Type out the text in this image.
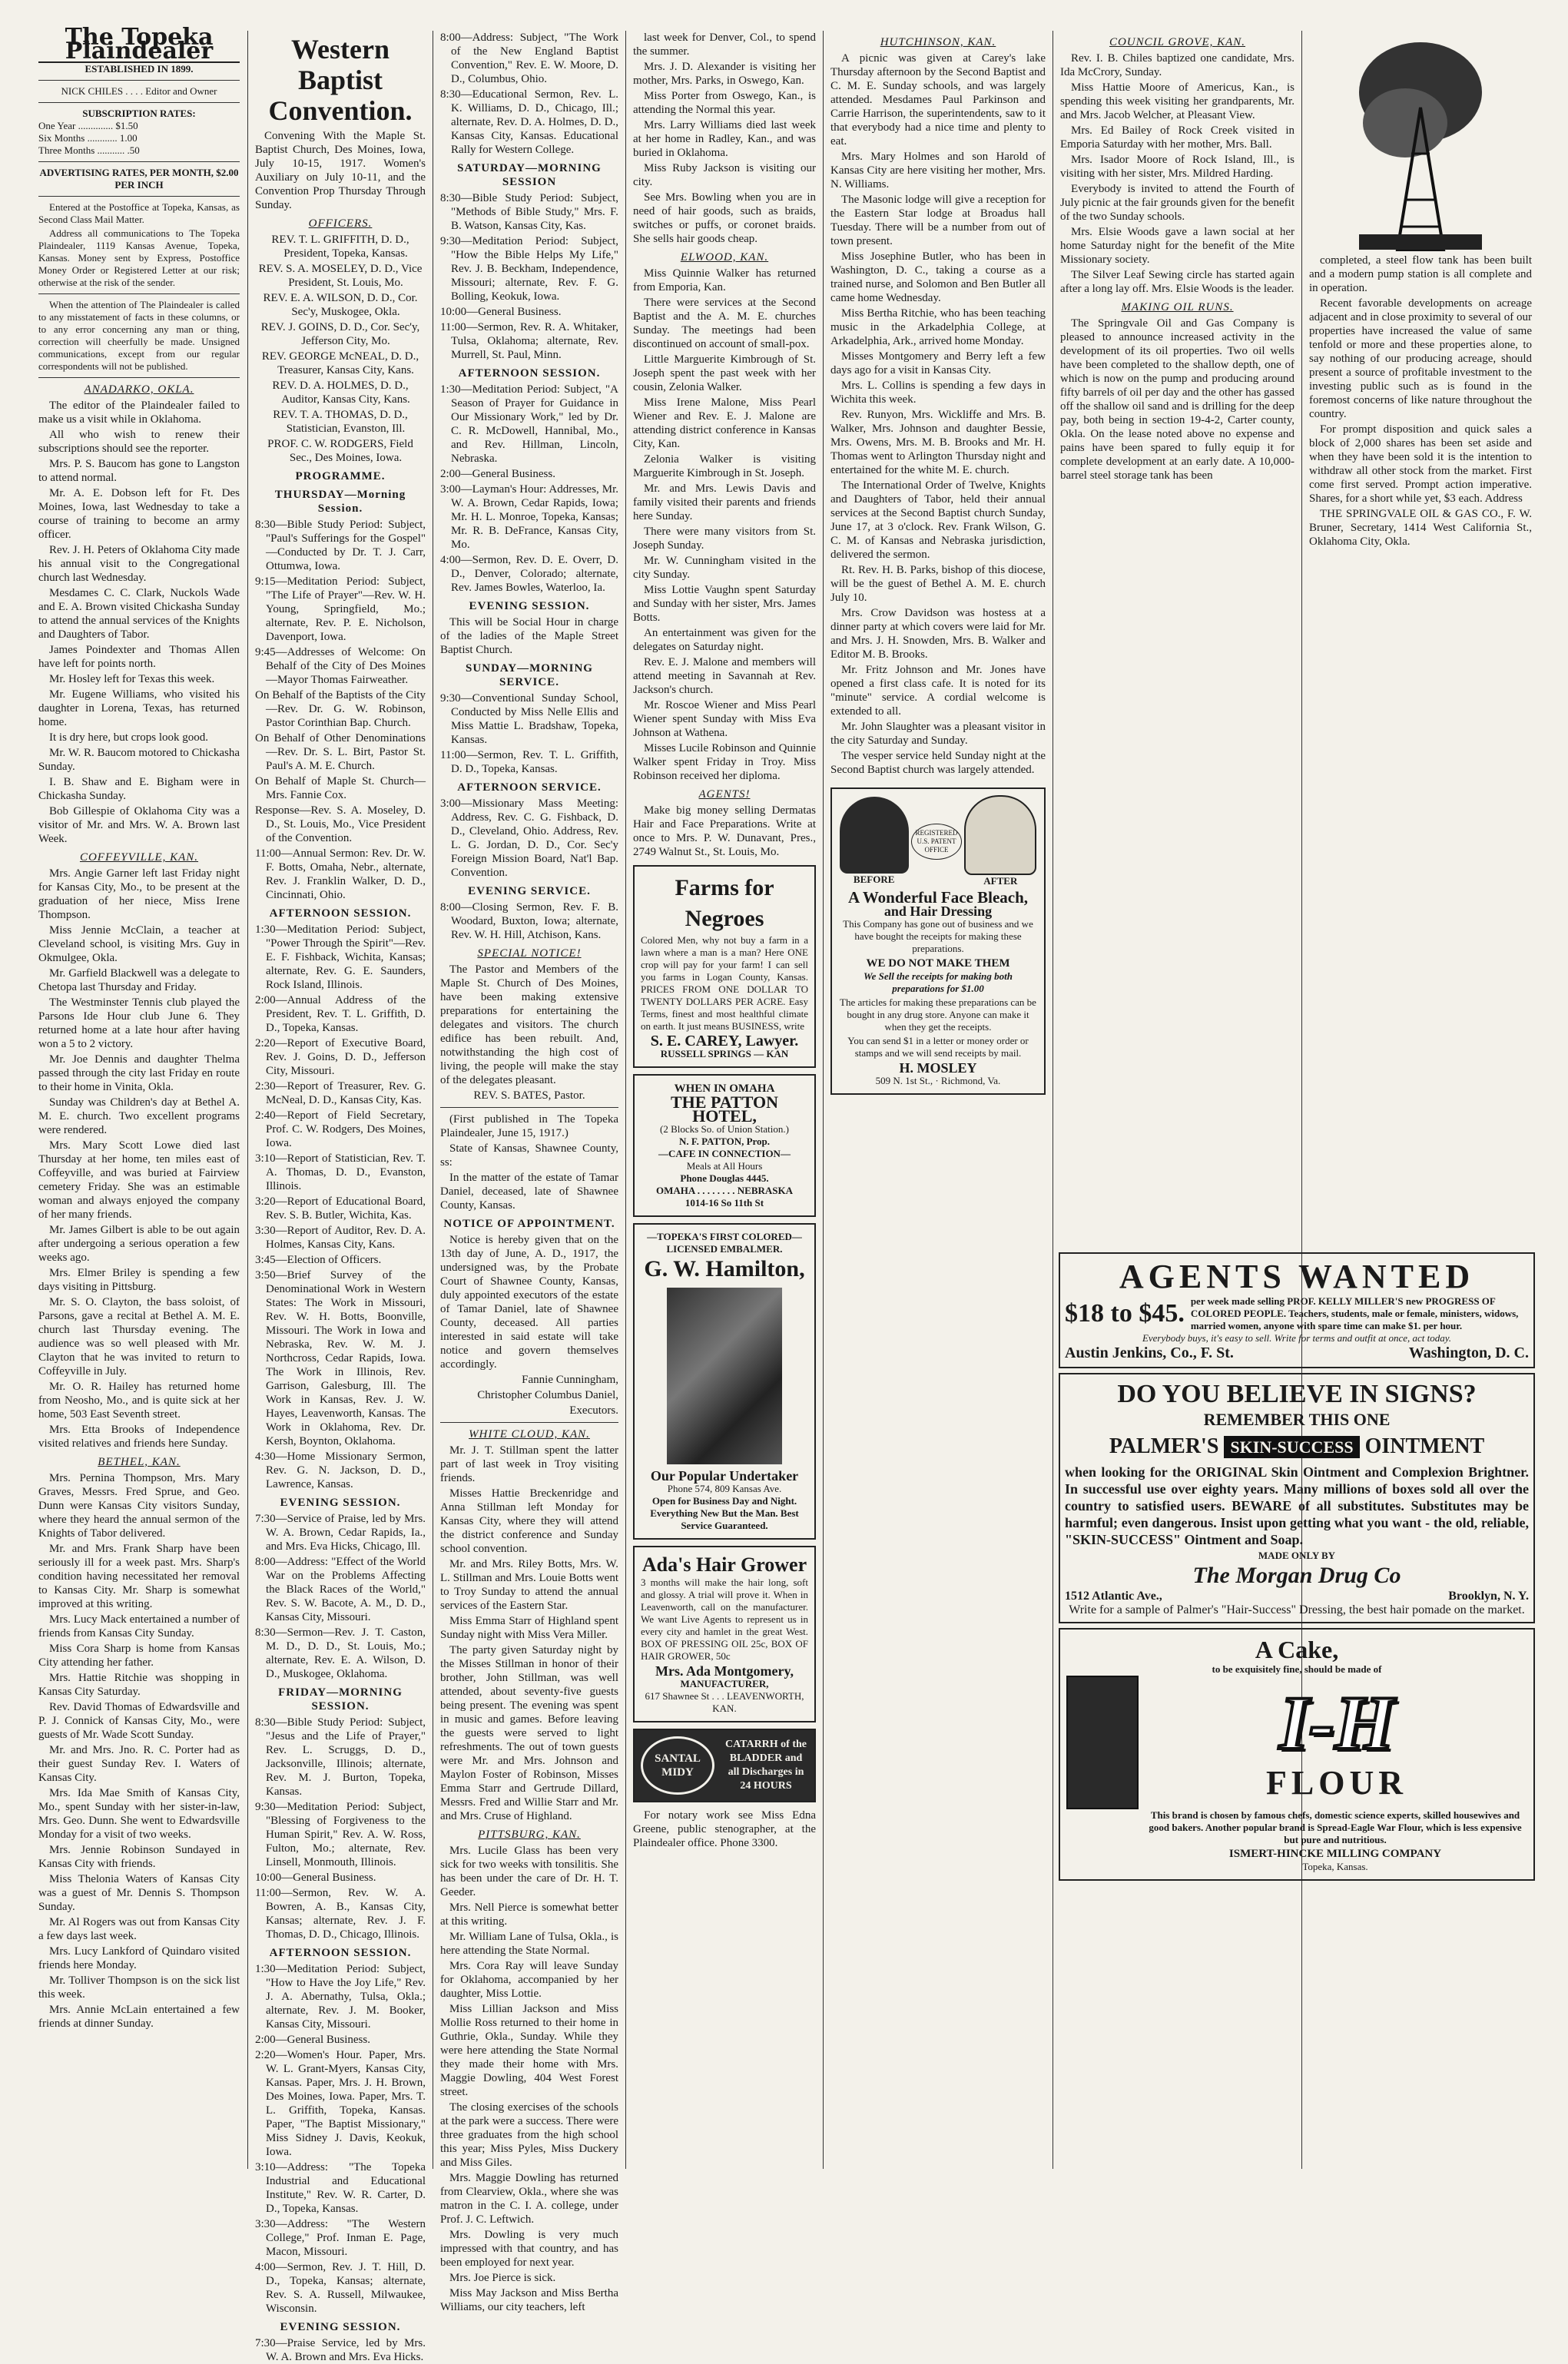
The Topeka Plaindealer
ESTABLISHED IN 1899.
NICK CHILES . . . . Editor and Owner
SUBSCRIPTION RATES:
One Year .............. $1.50
Six Months ............ 1.00
Three Months ........... .50
ADVERTISING RATES, PER MONTH, $2.00 PER INCH

Entered at the Postoffice at Topeka, Kansas, as Second Class Mail Matter.

Address all communications to The Topeka Plaindealer, 1119 Kansas Avenue, Topeka, Kansas. Money sent by Express, Postoffice Money Order or Registered Letter at our risk; otherwise at the risk of the sender.

When the attention of The Plaindealer is called to any misstatement of facts in these columns, or to any error concerning any man or thing, correction will cheerfully be made. Unsigned communications, except from our regular correspondents will not be published.

ANADARKO, OKLA.

The editor of the Plaindealer failed to make us a visit while in Oklahoma.

All who wish to renew their subscriptions should see the reporter.

Mrs. P. S. Baucom has gone to Langston to attend normal.

Mr. A. E. Dobson left for Ft. Des Moines, Iowa, last Wednesday to take a course of training to become an army officer.

Rev. J. H. Peters of Oklahoma City made his annual visit to the Congregational church last Wednesday.

Mesdames C. C. Clark, Nuckols Wade and E. A. Brown visited Chickasha Sunday to attend the annual services of the Knights and Daughters of Tabor.

James Poindexter and Thomas Allen have left for points north.

Mr. Hosley left for Texas this week.

Mr. Eugene Williams, who visited his daughter in Lorena, Texas, has returned home.

It is dry here, but crops look good.

Mr. W. R. Baucom motored to Chickasha Sunday.

I. B. Shaw and E. Bigham were in Chickasha Sunday.

Bob Gillespie of Oklahoma City was a visitor of Mr. and Mrs. W. A. Brown last Week.

COFFEYVILLE, KAN.

Mrs. Angie Garner left last Friday night for Kansas City, Mo., to be present at the graduation of her niece, Miss Irene Thompson.

Miss Jennie McClain, a teacher at Cleveland school, is visiting Mrs. Guy in Okmulgee, Okla.

Mr. Garfield Blackwell was a delegate to Chetopa last Thursday and Friday.

The Westminster Tennis club played the Parsons Ide Hour club June 6. They returned home at a late hour after having won a 5 to 2 victory.

Mr. Joe Dennis and daughter Thelma passed through the city last Friday en route to their home in Vinita, Okla.

Sunday was Children's day at Bethel A. M. E. church. Two excellent programs were rendered.

Mrs. Mary Scott Lowe died last Thursday at her home, ten miles east of Coffeyville, and was buried at Fairview cemetery Friday. She was an estimable woman and always enjoyed the company of her many friends.

Mr. James Gilbert is able to be out again after undergoing a serious operation a few weeks ago.

Mrs. Elmer Briley is spending a few days visiting in Pittsburg.

Mr. S. O. Clayton, the bass soloist, of Parsons, gave a recital at Bethel A. M. E. church last Thursday evening. The audience was so well pleased with Mr. Clayton that he was invited to return to Coffeyville in July.

Mr. O. R. Hailey has returned home from Neosho, Mo., and is quite sick at her home, 503 East Seventh street.

Mrs. Etta Brooks of Independence visited relatives and friends here Sunday.

BETHEL, KAN.

Mrs. Pernina Thompson, Mrs. Mary Graves, Messrs. Fred Sprue, and Geo. Dunn were Kansas City visitors Sunday, where they heard the annual sermon of the Knights of Tabor delivered.

Mr. and Mrs. Frank Sharp have been seriously ill for a week past. Mrs. Sharp's condition having necessitated her removal to Kansas City. Mr. Sharp is somewhat improved at this writing.

Mrs. Lucy Mack entertained a number of friends from Kansas City Sunday.

Miss Cora Sharp is home from Kansas City attending her father.

Mrs. Hattie Ritchie was shopping in Kansas City Saturday.

Rev. David Thomas of Edwardsville and P. J. Connick of Kansas City, Mo., were guests of Mr. Wade Scott Sunday.

Mr. and Mrs. Jno. R. C. Porter had as their guest Sunday Rev. I. Waters of Kansas City.

Mrs. Ida Mae Smith of Kansas City, Mo., spent Sunday with her sister-in-law, Mrs. Geo. Dunn. She went to Edwardsville Monday for a visit of two weeks.

Mrs. Jennie Robinson Sundayed in Kansas City with friends.

Miss Thelonia Waters of Kansas City was a guest of Mr. Dennis S. Thompson Sunday.

Mr. Al Rogers was out from Kansas City a few days last week.

Mrs. Lucy Lankford of Quindaro visited friends here Monday.

Mr. Tolliver Thompson is on the sick list this week.

Mrs. Annie McLain entertained a few friends at dinner Sunday.

Western Baptist Convention.

Convening With the Maple St. Baptist Church, Des Moines, Iowa, July 10-15, 1917. Women's Auxiliary on July 10-11, and the Convention Prop Thursday Through Sunday.

OFFICERS.

REV. T. L. GRIFFITH, D. D., President, Topeka, Kansas.

REV. S. A. MOSELEY, D. D., Vice President, St. Louis, Mo.

REV. E. A. WILSON, D. D., Cor. Sec'y, Muskogee, Okla.

REV. J. GOINS, D. D., Cor. Sec'y, Jefferson City, Mo.

REV. GEORGE McNEAL, D. D., Treasurer, Kansas City, Kans.

REV. D. A. HOLMES, D. D., Auditor, Kansas City, Kans.

REV. T. A. THOMAS, D. D., Statistician, Evanston, Ill.

PROF. C. W. RODGERS, Field Sec., Des Moines, Iowa.

PROGRAMME.
THURSDAY—Morning Session.

8:30—Bible Study Period: Subject, "Paul's Sufferings for the Gospel" —Conducted by Dr. T. J. Carr, Ottumwa, Iowa.

9:15—Meditation Period: Subject, "The Life of Prayer"—Rev. W. H. Young, Springfield, Mo.; alternate, Rev. P. E. Nicholson, Davenport, Iowa.

9:45—Addresses of Welcome: On Behalf of the City of Des Moines—Mayor Thomas Fairweather.

On Behalf of the Baptists of the City—Rev. Dr. G. W. Robinson, Pastor Corinthian Bap. Church.

On Behalf of Other Denominations —Rev. Dr. S. L. Birt, Pastor St. Paul's A. M. E. Church.

On Behalf of Maple St. Church—Mrs. Fannie Cox.

Response—Rev. S. A. Moseley, D. D., St. Louis, Mo., Vice President of the Convention.

11:00—Annual Sermon: Rev. Dr. W. F. Botts, Omaha, Nebr., alternate, Rev. J. Franklin Walker, D. D., Cincinnati, Ohio.

AFTERNOON SESSION.

1:30—Meditation Period: Subject, "Power Through the Spirit"—Rev. E. F. Fishback, Wichita, Kansas; alternate, Rev. G. E. Saunders, Rock Island, Illinois.

2:00—Annual Address of the President, Rev. T. L. Griffith, D. D., Topeka, Kansas.

2:20—Report of Executive Board, Rev. J. Goins, D. D., Jefferson City, Missouri.

2:30—Report of Treasurer, Rev. G. McNeal, D. D., Kansas City, Kas.

2:40—Report of Field Secretary, Prof. C. W. Rodgers, Des Moines, Iowa.

3:10—Report of Statistician, Rev. T. A. Thomas, D. D., Evanston, Illinois.

3:20—Report of Educational Board, Rev. S. B. Butler, Wichita, Kas.

3:30—Report of Auditor, Rev. D. A. Holmes, Kansas City, Kans.

3:45—Election of Officers.

3:50—Brief Survey of the Denominational Work in Western States: The Work in Missouri, Rev. W. H. Botts, Boonville, Missouri. The Work in Iowa and Nebraska, Rev. W. M. J. Northcross, Cedar Rapids, Iowa. The Work in Illinois, Rev. Garrison, Galesburg, Ill. The Work in Kansas, Rev. J. W. Hayes, Leavenworth, Kansas. The Work in Oklahoma, Rev. Dr. Kersh, Boynton, Oklahoma.

4:30—Home Missionary Sermon, Rev. G. N. Jackson, D. D., Lawrence, Kansas.

EVENING SESSION.

7:30—Service of Praise, led by Mrs. W. A. Brown, Cedar Rapids, Ia., and Mrs. Eva Hicks, Chicago, Ill.

8:00—Address: "Effect of the World War on the Problems Affecting the Black Races of the World," Rev. S. W. Bacote, A. M., D. D., Kansas City, Missouri.

8:30—Sermon—Rev. J. T. Caston, M. D., D. D., St. Louis, Mo.; alternate, Rev. E. A. Wilson, D. D., Muskogee, Oklahoma.

FRIDAY—MORNING SESSION.

8:30—Bible Study Period: Subject, "Jesus and the Life of Prayer," Rev. L. Scruggs, D. D., Jacksonville, Illinois; alternate, Rev. M. J. Burton, Topeka, Kansas.

9:30—Meditation Period: Subject, "Blessing of Forgiveness to the Human Spirit," Rev. A. W. Ross, Fulton, Mo.; alternate, Rev. Linsell, Monmouth, Illinois.

10:00—General Business.

11:00—Sermon, Rev. W. A. Bowren, A. B., Kansas City, Kansas; alternate, Rev. J. F. Thomas, D. D., Chicago, Illinois.

AFTERNOON SESSION.

1:30—Meditation Period: Subject, "How to Have the Joy Life," Rev. J. A. Abernathy, Tulsa, Okla.; alternate, Rev. J. M. Booker, Kansas City, Missouri.

2:00—General Business.

2:20—Women's Hour. Paper, Mrs. W. L. Grant-Myers, Kansas City, Kansas. Paper, Mrs. J. H. Brown, Des Moines, Iowa. Paper, Mrs. T. L. Griffith, Topeka, Kansas. Paper, "The Baptist Missionary," Miss Sidney J. Davis, Keokuk, Iowa.

3:10—Address: "The Topeka Industrial and Educational Institute," Rev. W. R. Carter, D. D., Topeka, Kansas.

3:30—Address: "The Western College," Prof. Inman E. Page, Macon, Missouri.

4:00—Sermon, Rev. J. T. Hill, D. D., Topeka, Kansas; alternate, Rev. S. A. Russell, Milwaukee, Wisconsin.

EVENING SESSION.

7:30—Praise Service, led by Mrs. W. A. Brown and Mrs. Eva Hicks.

8:00—Address: Subject, "The Work of the New England Baptist Convention," Rev. E. W. Moore, D. D., Columbus, Ohio.

8:30—Educational Sermon, Rev. L. K. Williams, D. D., Chicago, Ill.; alternate, Rev. D. A. Holmes, D. D., Kansas City, Kansas. Educational Rally for Western College.

SATURDAY—MORNING SESSION

8:30—Bible Study Period: Subject, "Methods of Bible Study," Mrs. F. B. Watson, Kansas City, Kas.

9:30—Meditation Period: Subject, "How the Bible Helps My Life," Rev. J. B. Beckham, Independence, Missouri; alternate, Rev. F. G. Bolling, Keokuk, Iowa.

10:00—General Business.

11:00—Sermon, Rev. R. A. Whitaker, Tulsa, Oklahoma; alternate, Rev. Murrell, St. Paul, Minn.

AFTERNOON SESSION.

1:30—Meditation Period: Subject, "A Season of Prayer for Guidance in Our Missionary Work," led by Dr. C. R. McDowell, Hannibal, Mo., and Rev. Hillman, Lincoln, Nebraska.

2:00—General Business.

3:00—Layman's Hour: Addresses, Mr. W. A. Brown, Cedar Rapids, Iowa; Mr. H. L. Monroe, Topeka, Kansas; Mr. R. B. DeFrance, Kansas City, Mo.

4:00—Sermon, Rev. D. E. Overr, D. D., Denver, Colorado; alternate, Rev. James Bowles, Waterloo, Ia.

EVENING SESSION.

This will be Social Hour in charge of the ladies of the Maple Street Baptist Church.

SUNDAY—MORNING SERVICE.

9:30—Conventional Sunday School, Conducted by Miss Nelle Ellis and Miss Mattie L. Bradshaw, Topeka, Kansas.

11:00—Sermon, Rev. T. L. Griffith, D. D., Topeka, Kansas.

AFTERNOON SERVICE.

3:00—Missionary Mass Meeting: Address, Rev. C. G. Fishback, D. D., Cleveland, Ohio. Address, Rev. L. G. Jordan, D. D., Cor. Sec'y Foreign Mission Board, Nat'l Bap. Convention.

EVENING SERVICE.

8:00—Closing Sermon, Rev. F. B. Woodard, Buxton, Iowa; alternate, Rev. W. H. Hill, Atchison, Kans.

SPECIAL NOTICE!

The Pastor and Members of the Maple St. Church of Des Moines, have been making extensive preparations for entertaining the delegates and visitors. The church edifice has been rebuilt. And, notwithstanding the high cost of living, the people will make the stay of the delegates pleasant.

REV. S. BATES, Pastor.

(First published in The Topeka Plaindealer, June 15, 1917.)

State of Kansas, Shawnee County, ss:

In the matter of the estate of Tamar Daniel, deceased, late of Shawnee County, Kansas.

NOTICE OF APPOINTMENT.

Notice is hereby given that on the 13th day of June, A. D., 1917, the undersigned was, by the Probate Court of Shawnee County, Kansas, duly appointed executors of the estate of Tamar Daniel, late of Shawnee County, deceased. All parties interested in said estate will take notice and govern themselves accordingly.

Fannie Cunningham,

Christopher Columbus Daniel,

Executors.

WHITE CLOUD, KAN.

Mr. J. T. Stillman spent the latter part of last week in Troy visiting friends.

Misses Hattie Breckenridge and Anna Stillman left Monday for Kansas City, where they will attend the district conference and Sunday school convention.

Mr. and Mrs. Riley Botts, Mrs. W. L. Stillman and Mrs. Louie Botts went to Troy Sunday to attend the annual services of the Eastern Star.

Miss Emma Starr of Highland spent Sunday night with Miss Vera Miller.

The party given Saturday night by the Misses Stillman in honor of their brother, John Stillman, was well attended, about seventy-five guests being present. The evening was spent in music and games. Before leaving the guests were served to light refreshments. The out of town guests were Mr. and Mrs. Johnson and Maylon Foster of Robinson, Misses Emma Starr and Gertrude Dillard, Messrs. Fred and Willie Starr and Mr. and Mrs. Cruse of Highland.

PITTSBURG, KAN.

Mrs. Lucile Glass has been very sick for two weeks with tonsilitis. She has been under the care of Dr. H. T. Geeder.

Mrs. Nell Pierce is somewhat better at this writing.

Mr. William Lane of Tulsa, Okla., is here attending the State Normal.

Mrs. Cora Ray will leave Sunday for Oklahoma, accompanied by her daughter, Miss Lottie.

Miss Lillian Jackson and Miss Mollie Ross returned to their home in Guthrie, Okla., Sunday. While they were here attending the State Normal they made their home with Mrs. Maggie Dowling, 404 West Forest street.

The closing exercises of the schools at the park were a success. There were three graduates from the high school this year; Miss Pyles, Miss Duckery and Miss Giles.

Mrs. Maggie Dowling has returned from Clearview, Okla., where she was matron in the C. I. A. college, under Prof. J. C. Leftwich.

Mrs. Dowling is very much impressed with that country, and has been employed for next year.

Mrs. Joe Pierce is sick.

Miss May Jackson and Miss Bertha Williams, our city teachers, left

last week for Denver, Col., to spend the summer.

Mrs. J. D. Alexander is visiting her mother, Mrs. Parks, in Oswego, Kan.

Miss Porter from Oswego, Kan., is attending the Normal this year.

Mrs. Larry Williams died last week at her home in Radley, Kan., and was buried in Oklahoma.

Miss Ruby Jackson is visiting our city.

See Mrs. Bowling when you are in need of hair goods, such as braids, switches or puffs, or coronet braids. She sells hair goods cheap.

ELWOOD, KAN.

Miss Quinnie Walker has returned from Emporia, Kan.

There were services at the Second Baptist and the A. M. E. churches Sunday. The meetings had been discontinued on account of small-pox.

Little Marguerite Kimbrough of St. Joseph spent the past week with her cousin, Zelonia Walker.

Miss Irene Malone, Miss Pearl Wiener and Rev. E. J. Malone are attending district conference in Kansas City, Kan.

Zelonia Walker is visiting Marguerite Kimbrough in St. Joseph.

Mr. and Mrs. Lewis Davis and family visited their parents and friends here Sunday.

There were many visitors from St. Joseph Sunday.

Mr. W. Cunningham visited in the city Sunday.

Miss Lottie Vaughn spent Saturday and Sunday with her sister, Mrs. James Botts.

An entertainment was given for the delegates on Saturday night.

Rev. E. J. Malone and members will attend meeting in Savannah at Rev. Jackson's church.

Mr. Roscoe Wiener and Miss Pearl Wiener spent Sunday with Miss Eva Johnson at Wathena.

Misses Lucile Robinson and Quinnie Walker spent Friday in Troy. Miss Robinson received her diploma.

AGENTS!

Make big money selling Dermatas Hair and Face Preparations. Write at once to Mrs. P. W. Dunavant, Pres., 2749 Walnut St., St. Louis, Mo.

Farms for Negroes

Colored Men, why not buy a farm in a lawn where a man is a man? Here ONE crop will pay for your farm! I can sell you farms in Logan County, Kansas. PRICES FROM ONE DOLLAR TO TWENTY DOLLARS PER ACRE. Easy Terms, finest and most healthful climate on earth. It just means BUSINESS, write

S. E. CAREY, Lawyer.
RUSSELL SPRINGS — KAN
WHEN IN OMAHA
THE PATTON HOTEL,
(2 Blocks So. of Union Station.)
N. F. PATTON, Prop.
—CAFE IN CONNECTION—
Meals at All Hours
Phone Douglas 4445.
OMAHA . . . . . . . . NEBRASKA
1014-16 So 11th St
—TOPEKA'S FIRST COLORED— LICENSED EMBALMER.
G. W. Hamilton,
Our Popular Undertaker
Phone 574, 809 Kansas Ave.
Open for Business Day and Night. Everything New But the Man. Best Service Guaranteed.
Ada's Hair Grower

3 months will make the hair long, soft and glossy. A trial will prove it. When in Leavenworth, call on the manufacturer. We want Live Agents to represent us in every city and hamlet in the great West. BOX OF PRESSING OIL 25c, BOX OF HAIR GROWER, 50c

Mrs. Ada Montgomery,
MANUFACTURER,
617 Shawnee St . . . LEAVENWORTH, KAN.
SANTAL
MIDY
CATARRH of the BLADDER and all Discharges in 24 HOURS

For notary work see Miss Edna Greene, public stenographer, at the Plaindealer office. Phone 3300.

HUTCHINSON, KAN.

A picnic was given at Carey's lake Thursday afternoon by the Second Baptist and C. M. E. Sunday schools, and was largely attended. Mesdames Paul Parkinson and Carrie Harrison, the superintendents, saw to it that everybody had a nice time and plenty to eat.

Mrs. Mary Holmes and son Harold of Kansas City are here visiting her mother, Mrs. N. Williams.

The Masonic lodge will give a reception for the Eastern Star lodge at Broadus hall Tuesday. There will be a number from out of town present.

Miss Josephine Butler, who has been in Washington, D. C., taking a course as a trained nurse, and Solomon and Ben Butler all came home Wednesday.

Miss Bertha Ritchie, who has been teaching music in the Arkadelphia College, at Arkadelphia, Ark., arrived home Monday.

Misses Montgomery and Berry left a few days ago for a visit in Kansas City.

Mrs. L. Collins is spending a few days in Wichita this week.

Rev. Runyon, Mrs. Wickliffe and Mrs. B. Walker, Mrs. Johnson and daughter Bessie, Mrs. Owens, Mrs. M. B. Brooks and Mr. H. Thomas went to Arlington Thursday night and entertained for the white M. E. church.

The International Order of Twelve, Knights and Daughters of Tabor, held their annual services at the Second Baptist church Sunday, June 17, at 3 o'clock. Rev. Frank Wilson, G. C. M. of Kansas and Nebraska jurisdiction, delivered the sermon.

Rt. Rev. H. B. Parks, bishop of this diocese, will be the guest of Bethel A. M. E. church July 10.

Mrs. Crow Davidson was hostess at a dinner party at which covers were laid for Mr. and Mrs. J. H. Snowden, Mrs. B. Walker and Editor M. B. Brooks.

Mr. Fritz Johnson and Mr. Jones have opened a first class cafe. It is noted for its "minute" service. A cordial welcome is extended to all.

Mr. John Slaughter was a pleasant visitor in the city Saturday and Sunday.

The vesper service held Sunday night at the Second Baptist church was largely attended.

BEFORE
REGISTERED U.S. PATENT OFFICE
AFTER
A Wonderful Face Bleach,
and Hair Dressing

This Company has gone out of business and we have bought the receipts for making these preparations.

WE DO NOT MAKE THEM

We Sell the receipts for making both preparations for $1.00

The articles for making these preparations can be bought in any drug store. Anyone can make it when they get the receipts.

You can send $1 in a letter or money order or stamps and we will send receipts by mail.

H. MOSLEY
509 N. 1st St., · Richmond, Va.
COUNCIL GROVE, KAN.

Rev. I. B. Chiles baptized one candidate, Mrs. Ida McCrory, Sunday.

Miss Hattie Moore of Americus, Kan., is spending this week visiting her grandparents, Mr. and Mrs. Jacob Welcher, at Pleasant View.

Mrs. Ed Bailey of Rock Creek visited in Emporia Saturday with her mother, Mrs. Ball.

Mrs. Isador Moore of Rock Island, Ill., is visiting with her sister, Mrs. Mildred Harding.

Everybody is invited to attend the Fourth of July picnic at the fair grounds given for the benefit of the two Sunday schools.

Mrs. Elsie Woods gave a lawn social at her home Saturday night for the benefit of the Mite Missionary society.

The Silver Leaf Sewing circle has started again after a long lay off. Mrs. Elsie Woods is the leader.

MAKING OIL RUNS.

The Springvale Oil and Gas Company is pleased to announce increased activity in the development of its oil properties. Two oil wells have been completed to the shallow depth, one of which is now on the pump and producing around fifty barrels of oil per day and the other has gassed off the shallow oil sand and is drilling for the deep pay, both being in section 19-4-2, Carter county, Okla. On the lease noted above no expense and pains have been spared to fully equip it for complete development at an early date. A 10,000-barrel steel storage tank has been

completed, a steel flow tank has been built and a modern pump station is all complete and in operation.

Recent favorable developments on acreage adjacent and in close proximity to several of our properties have increased the value of same tenfold or more and these properties alone, to say nothing of our producing acreage, should present a source of profitable investment to the investing public such as is found in the foremost concerns of like nature throughout the country.

For prompt disposition and quick sales a block of 2,000 shares has been set aside and when they have been sold it is the intention to withdraw all other stock from the market. First come first served. Prompt action imperative. Shares, for a short while yet, $3 each. Address

THE SPRINGVALE OIL & GAS CO., F. W. Bruner, Secretary, 1414 West California St., Oklahoma City, Okla.

AGENTS WANTED
$18 to $45. per week made selling PROF. KELLY MILLER'S new PROGRESS OF COLORED PEOPLE. Teachers, students, male or female, ministers, widows, married women, anyone with spare time can make $1. per hour.
Everybody buys, it's easy to sell. Write for terms and outfit at once, act today.
Austin Jenkins, Co., F. St.	Washington, D. C.
DO YOU BELIEVE IN SIGNS?
REMEMBER THIS ONE
PALMER'S SKIN-SUCCESS OINTMENT

when looking for the ORIGINAL Skin Ointment and Complexion Brightner. In successful use over eighty years. Many millions of boxes sold all over the country to satisfied users. BEWARE of all substitutes. Substitutes may be harmful; even dangerous. Insist upon getting what you want - the old, reliable, "SKIN-SUCCESS" Ointment and Soap.

MADE ONLY BY
The Morgan Drug Co
1512 Atlantic Ave.,	Brooklyn, N. Y.
Write for a sample of Palmer's "Hair-Success" Dressing, the best hair pomade on the market.
A Cake,
to be exquisitely fine, should be made of
I-H
FLOUR

This brand is chosen by famous chefs, domestic science experts, skilled housewives and good bakers. Another popular brand is Spread-Eagle War Flour, which is less expensive but pure and nutritious.

ISMERT-HINCKE MILLING COMPANY
Topeka, Kansas.
